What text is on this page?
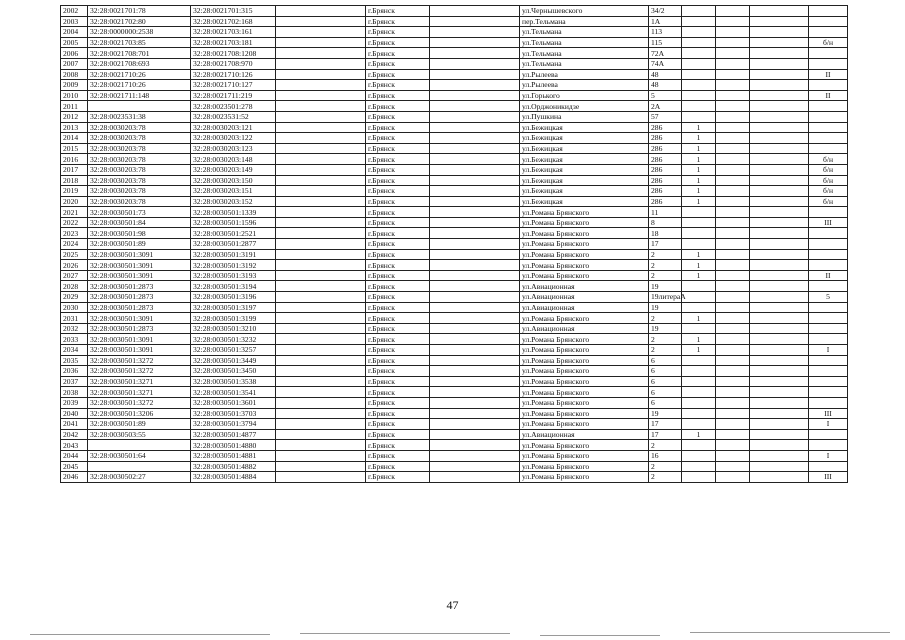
2002	32:28:0021701:78	32:28:0021701:315		г.Брянск		ул.Чернышевского	34/2				
2003	32:28:0021702:80	32:28:0021702:168		г.Брянск		пер.Тельмана	1А				
2004	32:28:0000000:2538	32:28:0021703:161		г.Брянск		ул.Тельмана	113				
2005	32:28:0021703:85	32:28:0021703:181		г.Брянск		ул.Тельмана	115				б/н
2006	32:28:0021708:701	32:28:0021708:1208		г.Брянск		ул.Тельмана	72А				
2007	32:28:0021708:693	32:28:0021708:970		г.Брянск		ул.Тельмана	74А				
2008	32:28:0021710:26	32:28:0021710:126		г.Брянск		ул.Рылеева	48				II
2009	32:28:0021710:26	32:28:0021710:127		г.Брянск		ул.Рылеева	48				
2010	32:28:0021711:148	32:28:0021711:219		г.Брянск		ул.Горького	5				II
2011		32:28:0023501:278		г.Брянск		ул.Орджоникидзе	2А				
2012	32:28:0023531:38	32:28:0023531:52		г.Брянск		ул.Пушкина	57				
2013	32:28:0030203:78	32:28:0030203:121		г.Брянск		ул.Бежицкая	286	1			
2014	32:28:0030203:78	32:28:0030203:122		г.Брянск		ул.Бежицкая	286	1			
2015	32:28:0030203:78	32:28:0030203:123		г.Брянск		ул.Бежицкая	286	1			
2016	32:28:0030203:78	32:28:0030203:148		г.Брянск		ул.Бежицкая	286	1			б/н
2017	32:28:0030203:78	32:28:0030203:149		г.Брянск		ул.Бежицкая	286	1			б/н
2018	32:28:0030203:78	32:28:0030203:150		г.Брянск		ул.Бежицкая	286	1			б/н
2019	32:28:0030203:78	32:28:0030203:151		г.Брянск		ул.Бежицкая	286	1			б/н
2020	32:28:0030203:78	32:28:0030203:152		г.Брянск		ул.Бежицкая	286	1			б/н
2021	32:28:0030501:73	32:28:0030501:1339		г.Брянск		ул.Романа Брянского	11				
2022	32:28:0030501:84	32:28:0030501:1596		г.Брянск		ул.Романа Брянского	8				III
2023	32:28:0030501:98	32:28:0030501:2521		г.Брянск		ул.Романа Брянского	18				
2024	32:28:0030501:89	32:28:0030501:2877		г.Брянск		ул.Романа Брянского	17				
2025	32:28:0030501:3091	32:28:0030501:3191		г.Брянск		ул.Романа Брянского	2	1			
2026	32:28:0030501:3091	32:28:0030501:3192		г.Брянск		ул.Романа Брянского	2	1			
2027	32:28:0030501:3091	32:28:0030501:3193		г.Брянск		ул.Романа Брянского	2	1			II
2028	32:28:0030501:2873	32:28:0030501:3194		г.Брянск		ул.Авиационная	19				
2029	32:28:0030501:2873	32:28:0030501:3196		г.Брянск		ул.Авиационная	19литераА				5
2030	32:28:0030501:2873	32:28:0030501:3197		г.Брянск		ул.Авиационная	19				
2031	32:28:0030501:3091	32:28:0030501:3199		г.Брянск		ул.Романа Брянского	2	1			
2032	32:28:0030501:2873	32:28:0030501:3210		г.Брянск		ул.Авиационная	19				
2033	32:28:0030501:3091	32:28:0030501:3232		г.Брянск		ул.Романа Брянского	2	1			
2034	32:28:0030501:3091	32:28:0030501:3257		г.Брянск		ул.Романа Брянского	2	1			I
2035	32:28:0030501:3272	32:28:0030501:3449		г.Брянск		ул.Романа Брянского	6				
2036	32:28:0030501:3272	32:28:0030501:3450		г.Брянск		ул.Романа Брянского	6				
2037	32:28:0030501:3271	32:28:0030501:3538		г.Брянск		ул.Романа Брянского	6				
2038	32:28:0030501:3271	32:28:0030501:3541		г.Брянск		ул.Романа Брянского	6				
2039	32:28:0030501:3272	32:28:0030501:3601		г.Брянск		ул.Романа Брянского	6				
2040	32:28:0030501:3206	32:28:0030501:3703		г.Брянск		ул.Романа Брянского	19				III
2041	32:28:0030501:89	32:28:0030501:3794		г.Брянск		ул.Романа Брянского	17				I
2042	32:28:0030503:55	32:28:0030501:4877		г.Брянск		ул.Авиационная	17	1			
2043		32:28:0030501:4880		г.Брянск		ул.Романа Брянского	2				
2044	32:28:0030501:64	32:28:0030501:4881		г.Брянск		ул.Романа Брянского	16				I
2045		32:28:0030501:4882		г.Брянск		ул.Романа Брянского	2				
2046	32:28:0030502:27	32:28:0030501:4884		г.Брянск		ул.Романа Брянского	2				III
47
